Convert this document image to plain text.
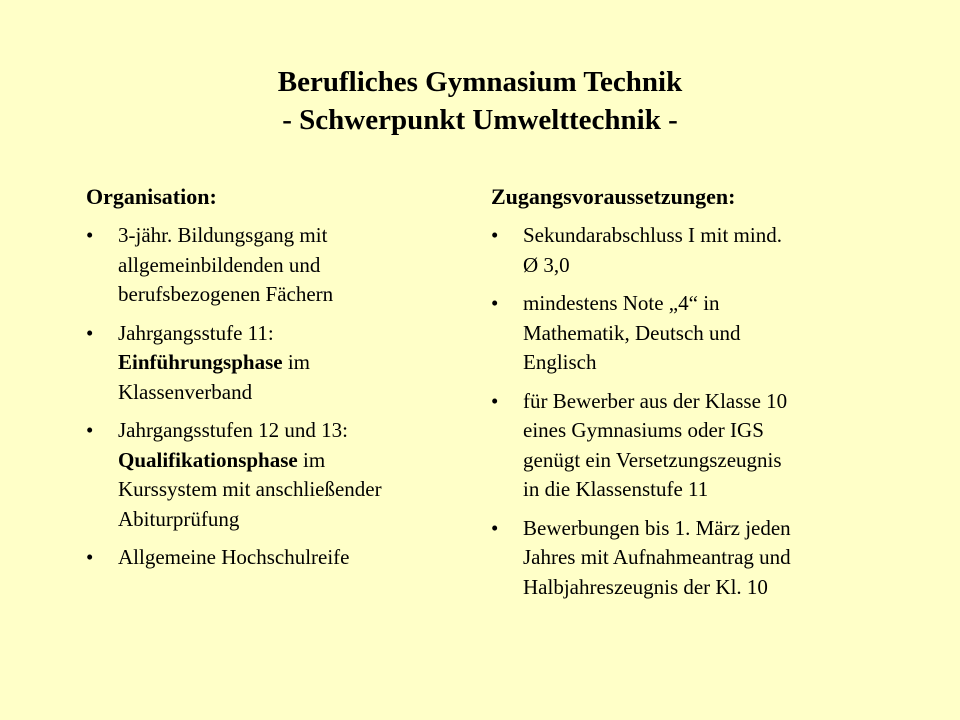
Berufliches Gymnasium Technik
- Schwerpunkt Umwelttechnik -
Organisation:
•	3-jähr. Bildungsgang mit
allgemeinbildenden und
berufsbezogenen Fächern
•	Jahrgangsstufe 11:
Einführungsphase im
Klassenverband
•	Jahrgangsstufen 12 und 13:
Qualifikationsphase im
Kurssystem mit anschließender
Abiturprüfung
•	Allgemeine Hochschulreife
Zugangsvoraussetzungen:
•	Sekundarabschluss I mit mind.
Ø 3,0
•	mindestens Note „4“ in
Mathematik, Deutsch und
Englisch
•	für Bewerber aus der Klasse 10
eines Gymnasiums oder IGS
genügt ein Versetzungszeugnis
in die Klassenstufe 11
•	Bewerbungen bis 1. März jeden
Jahres mit Aufnahmeantrag und
Halbjahreszeugnis der Kl. 10
